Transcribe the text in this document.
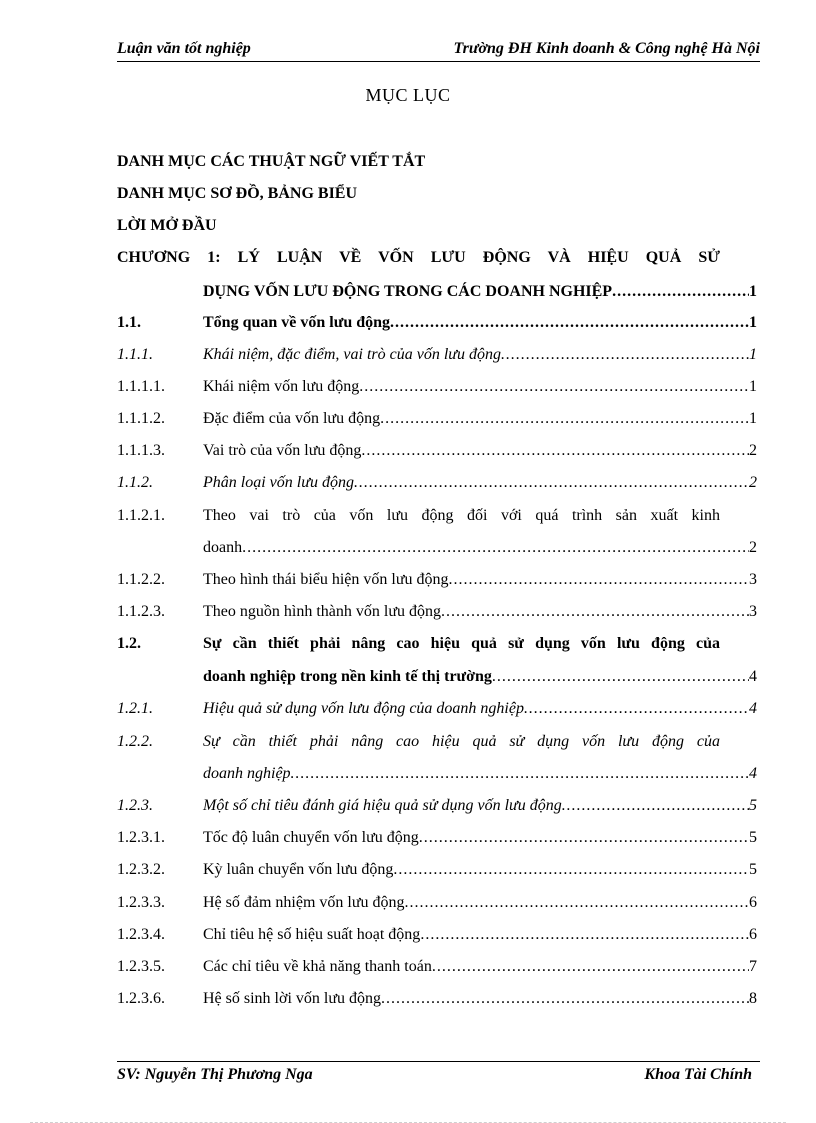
Luận văn tốt nghiệp	Trường ĐH Kinh doanh & Công nghệ Hà Nội
MỤC LỤC
DANH MỤC CÁC THUẬT NGỮ VIẾT TẮT
DANH MỤC SƠ ĐỒ, BẢNG BIỂU
LỜI MỞ ĐẦU
CHƯƠNG 1: LÝ LUẬN VỀ VỐN LƯU ĐỘNG VÀ HIỆU QUẢ SỬ
DỤNG VỐN LƯU ĐỘNG TRONG CÁC DOANH NGHIỆP .....	1
1.1.	Tổng quan về vốn lưu động .....	1
1.1.1.	Khái niệm, đặc điểm, vai trò của vốn lưu động .....	1
1.1.1.1. Khái niệm vốn lưu động .....	1
1.1.1.2. Đặc điểm của vốn lưu động .....	1
1.1.1.3. Vai trò của vốn lưu động .....	2
1.1.2.	Phân loại vốn lưu động .....	2
1.1.2.1. Theo vai trò của vốn lưu động đối với quá trình sản xuất kinh
doanh .....	2
1.1.2.2. Theo hình thái biểu hiện vốn lưu động .....	3
1.1.2.3. Theo nguồn hình thành vốn lưu động .....	3
1.2.	Sự cần thiết phải nâng cao hiệu quả sử dụng vốn lưu động của
doanh nghiệp trong nền kinh tế thị trường .....	4
1.2.1.	Hiệu quả sử dụng vốn lưu động của doanh nghiệp .....	4
1.2.2.	Sự cần thiết phải nâng cao hiệu quả sử dụng vốn lưu động của
doanh nghiệp .....	4
1.2.3.	Một số chỉ tiêu đánh giá hiệu quả sử dụng vốn lưu động .....	5
1.2.3.1. Tốc độ luân chuyển vốn lưu động .....	5
1.2.3.2. Kỳ luân chuyển vốn lưu động .....	5
1.2.3.3. Hệ số đảm nhiệm vốn lưu động .....	6
1.2.3.4. Chỉ tiêu hệ số hiệu suất hoạt động .....	6
1.2.3.5. Các chỉ tiêu về khả năng thanh toán .....	7
1.2.3.6. Hệ số sinh lời vốn lưu động .....	8
SV: Nguyễn Thị Phương Nga	Khoa Tài Chính
